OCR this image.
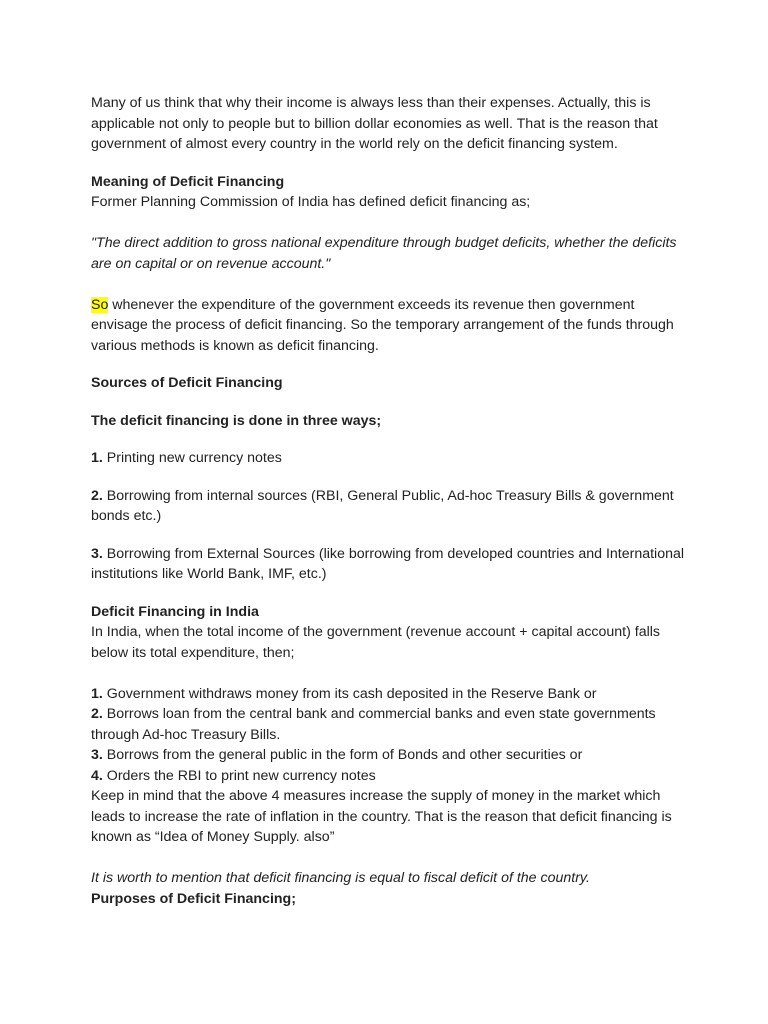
Many of us think that why their income is always less than their expenses. Actually, this is applicable not only to people but to billion dollar economies as well. That is the reason that government of almost every country in the world rely on the deficit financing system.

Meaning of Deficit Financing

Former Planning Commission of India has defined deficit financing as;

"The direct addition to gross national expenditure through budget deficits, whether the deficits are on capital or on revenue account."

So whenever the expenditure of the government exceeds its revenue then government envisage the process of deficit financing. So the temporary arrangement of the funds through various methods is known as deficit financing.

Sources of Deficit Financing

The deficit financing is done in three ways;

1. Printing new currency notes

2. Borrowing from internal sources (RBI, General Public, Ad-hoc Treasury Bills & government bonds etc.)

3. Borrowing from External Sources (like borrowing from developed countries and International institutions like World Bank, IMF, etc.)

Deficit Financing in India

In India, when the total income of the government (revenue account + capital account) falls below its total expenditure, then;

1. Government withdraws money from its cash deposited in the Reserve Bank or

2. Borrows loan from the central bank and commercial banks and even state governments through Ad-hoc Treasury Bills.

3. Borrows from the general public in the form of Bonds and other securities or

4. Orders the RBI to print new currency notes

Keep in mind that the above 4 measures increase the supply of money in the market which leads to increase the rate of inflation in the country. That is the reason that deficit financing is known as “Idea of Money Supply. also”

It is worth to mention that deficit financing is equal to fiscal deficit of the country.

Purposes of Deficit Financing;
